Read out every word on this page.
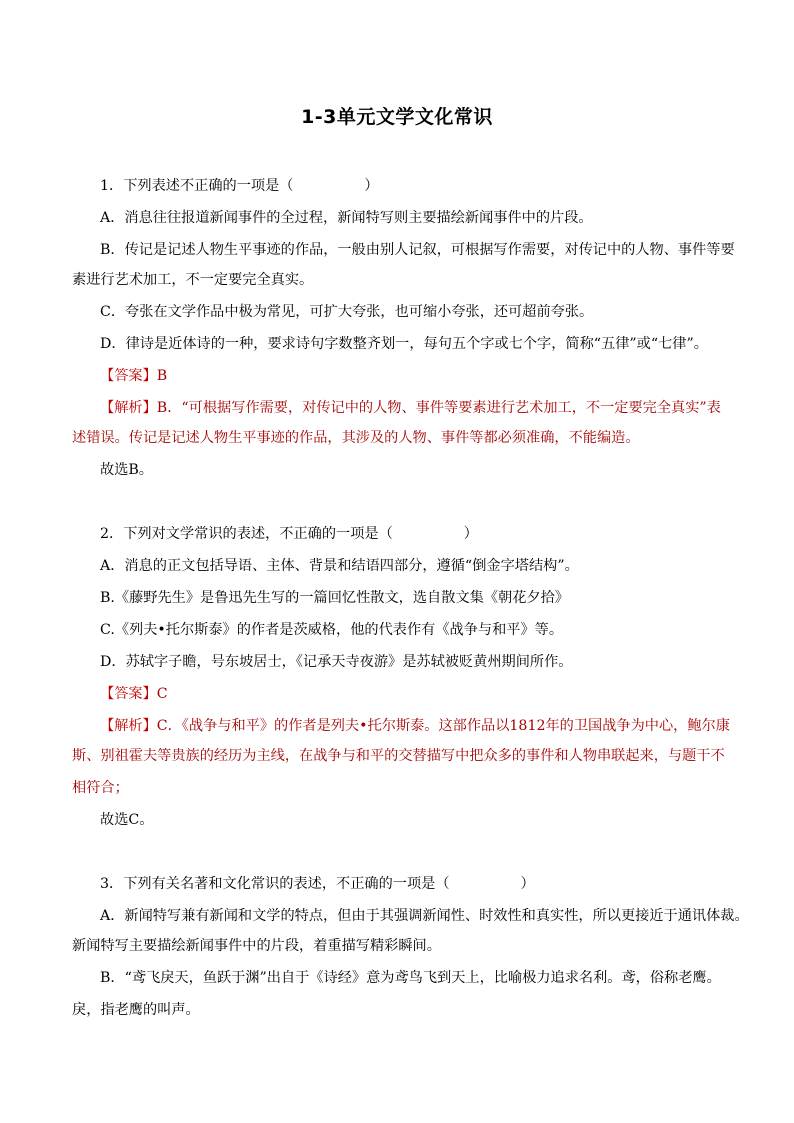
1-3单元文学文化常识
1．下列表述不正确的一项是（　　　　　）
A．消息往往报道新闻事件的全过程，新闻特写则主要描绘新闻事件中的片段。
B．传记是记述人物生平事迹的作品，一般由别人记叙，可根据写作需要，对传记中的人物、事件等要
素进行艺术加工，不一定要完全真实。
C．夸张在文学作品中极为常见，可扩大夸张，也可缩小夸张，还可超前夸张。
D．律诗是近体诗的一种，要求诗句字数整齐划一，每句五个字或七个字，简称“五律”或“七律”。
【答案】B
【解析】B．“可根据写作需要，对传记中的人物、事件等要素进行艺术加工，不一定要完全真实”表
述错误。传记是记述人物生平事迹的作品，其涉及的人物、事件等都必须准确，不能编造。
故选B。
2．下列对文学常识的表述，不正确的一项是（　　　　　）
A．消息的正文包括导语、主体、背景和结语四部分，遵循“倒金字塔结构”。
B.《藤野先生》是鲁迅先生写的一篇回忆性散文，选自散文集《朝花夕拾》
C.《列夫•托尔斯泰》的作者是茨威格，他的代表作有《战争与和平》等。
D．苏轼字子瞻，号东坡居士，《记承天寺夜游》是苏轼被贬黄州期间所作。
【答案】C
【解析】C．《战争与和平》的作者是列夫•托尔斯泰。这部作品以1812年的卫国战争为中心，鲍尔康
斯、别祖霍夫等贵族的经历为主线，在战争与和平的交替描写中把众多的事件和人物串联起来，与题干不
相符合；
故选C。
3．下列有关名著和文化常识的表述，不正确的一项是（　　　　　）
A．新闻特写兼有新闻和文学的特点，但由于其强调新闻性、时效性和真实性，所以更接近于通讯体裁。
新闻特写主要描绘新闻事件中的片段，着重描写精彩瞬间。
B．“鸢飞戾天，鱼跃于渊”出自于《诗经》意为鸢鸟飞到天上，比喻极力追求名利。鸢，俗称老鹰。
戾，指老鹰的叫声。
